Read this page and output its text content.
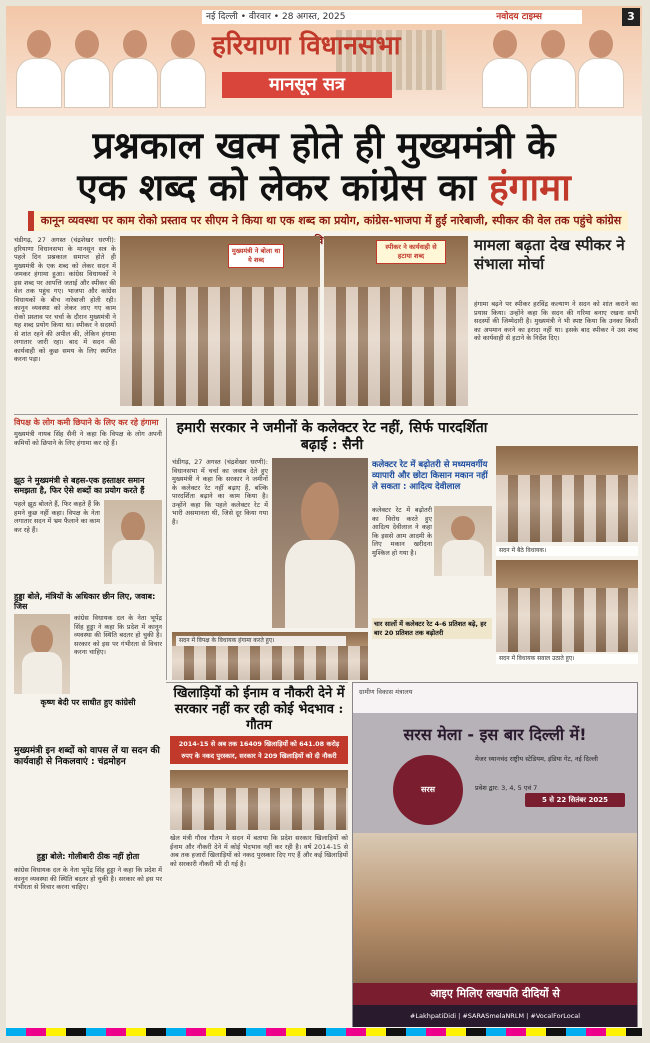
नई दिल्ली • वीरवार • 28 अगस्त, 2025	नवोदय टाइम्स	3
हरियाणा विधानसभा
मानसून सत्र
प्रश्नकाल खत्म होते ही मुख्यमंत्री के
एक शब्द को लेकर कांग्रेस का हंगामा
कानून व्यवस्था पर काम रोको प्रस्ताव पर सीएम ने किया था एक शब्द का प्रयोग, कांग्रेस-भाजपा में हुई नारेबाजी, स्पीकर की वेल तक पहुंचे कांग्रेस
चंडीगढ़, 27 अगस्त (चंद्रशेखर धरणी): हरियाणा विधानसभा के मानसून सत्र के पहले दिन प्रश्नकाल समाप्त होते ही मुख्यमंत्री के एक शब्द को लेकर सदन में जमकर हंगामा हुआ। कांग्रेस विधायकों ने इस शब्द पर आपत्ति जताई और स्पीकर की वेल तक पहुंच गए। भाजपा और कांग्रेस विधायकों के बीच नारेबाजी होती रही। कानून व्यवस्था को लेकर लाए गए काम रोको प्रस्ताव पर चर्चा के दौरान मुख्यमंत्री ने यह शब्द प्रयोग किया था। स्पीकर ने सदस्यों से शांत रहने की अपील की, लेकिन हंगामा लगातार जारी रहा। बाद में सदन की कार्यवाही को कुछ समय के लिए स्थगित करना पड़ा।
मुख्यमंत्री ने बोला था ये शब्द
स्पीकर ने कार्यवाही से हटाया शब्द
मामला बढ़ता देख स्पीकर ने संभाला मोर्चा
हंगामा बढ़ने पर स्पीकर हरविंद्र कल्याण ने सदन को शांत कराने का प्रयास किया। उन्होंने कहा कि सदन की गरिमा बनाए रखना सभी सदस्यों की जिम्मेदारी है। मुख्यमंत्री ने भी स्पष्ट किया कि उनका किसी का अपमान करने का इरादा नहीं था। इसके बाद स्पीकर ने उस शब्द को कार्यवाही से हटाने के निर्देश दिए।
विपक्ष के लोग कमी छिपाने के लिए कर रहे हंगामा
मुख्यमंत्री नायब सिंह सैनी ने कहा कि विपक्ष के लोग अपनी कमियों को छिपाने के लिए हंगामा कर रहे हैं।
झूठ ने मुख्यमंत्री से बहस-एक हस्ताक्षर समान समझता है, फिर ऐसे शब्दों का प्रयोग करते हैं
पहले झूठ बोलते हैं, फिर कहते हैं कि हमने कुछ नहीं कहा। विपक्ष के नेता लगातार सदन में भ्रम फैलाने का काम कर रहे हैं।
हुड्डा बोले, मंत्रियों के अधिकार छीन लिए, जवाब: जिस
कांग्रेस विधायक दल के नेता भूपेंद्र सिंह हुड्डा ने कहा कि प्रदेश में कानून व्यवस्था की स्थिति बदतर हो चुकी है। सरकार को इस पर गंभीरता से विचार करना चाहिए।
कृष्ण बेदी पर साधीत हुए कांग्रेसी
मुख्यमंत्री इन शब्दों को वापस लें या सदन की कार्यवाही से निकलवाएं : चंद्रमोहन
हुड्डा बोले: गोलीबारी ठीक नहीं होता
कांग्रेस विधायक दल के नेता भूपेंद्र सिंह हुड्डा ने कहा कि प्रदेश में कानून व्यवस्था की स्थिति बदतर हो चुकी है। सरकार को इस पर गंभीरता से विचार करना चाहिए।
हमारी सरकार ने जमीनों के कलेक्टर रेट नहीं, सिर्फ पारदर्शिता बढ़ाई : सैनी
चंडीगढ़, 27 अगस्त (चंद्रशेखर धरणी): विधानसभा में चर्चा का जवाब देते हुए मुख्यमंत्री ने कहा कि सरकार ने जमीनों के कलेक्टर रेट नहीं बढ़ाए हैं, बल्कि पारदर्शिता बढ़ाने का काम किया है। उन्होंने कहा कि पहले कलेक्टर रेट में भारी असमानता थी, जिसे दूर किया गया है।
कलेक्टर रेट में बढ़ोतरी से मध्यमवर्गीय व्यापारी और छोटा किसान मकान नहीं ले सकता : आदित्य देवीलाल
कलेक्टर रेट में बढ़ोतरी का विरोध करते हुए आदित्य देवीलाल ने कहा कि इससे आम आदमी के लिए मकान खरीदना मुश्किल हो गया है।	सदन में बैठे विधायक।
सदन में विधायक सवाल उठाते हुए।
चार सालों में कलेक्टर रेट 4-6 प्रतिशत बढ़े, हर बार 20 प्रतिशत तक बढ़ोतरी
सदन में विपक्ष के विधायक हंगामा करते हुए।
खिलाड़ियों को ईनाम व नौकरी देने में सरकार नहीं कर रही कोई भेदभाव : गौतम
2014-15 से अब तक 16409 खिलाड़ियों को 641.08 करोड़ रुपए के नकद पुरस्कार, सरकार ने 209 खिलाड़ियों को दी नौकरी
खेल मंत्री गौरव गौतम ने सदन में बताया कि प्रदेश सरकार खिलाड़ियों को ईनाम और नौकरी देने में कोई भेदभाव नहीं कर रही है। वर्ष 2014-15 से अब तक हजारों खिलाड़ियों को नकद पुरस्कार दिए गए हैं और कई खिलाड़ियों को सरकारी नौकरी भी दी गई है।
ग्रामीण विकास मंत्रालय
सरस मेला - इस बार दिल्ली में!
सरस
मेजर ध्यानचंद राष्ट्रीय स्टेडियम, इंडिया गेट, नई दिल्ली
प्रवेश द्वार: 3, 4, 5 एवं 7
5 से 22 सितंबर 2025
आइए मिलिए लखपति दीदियों से
#LakhpatiDidi | #SARASmelaNRLM | #VocalForLocal
